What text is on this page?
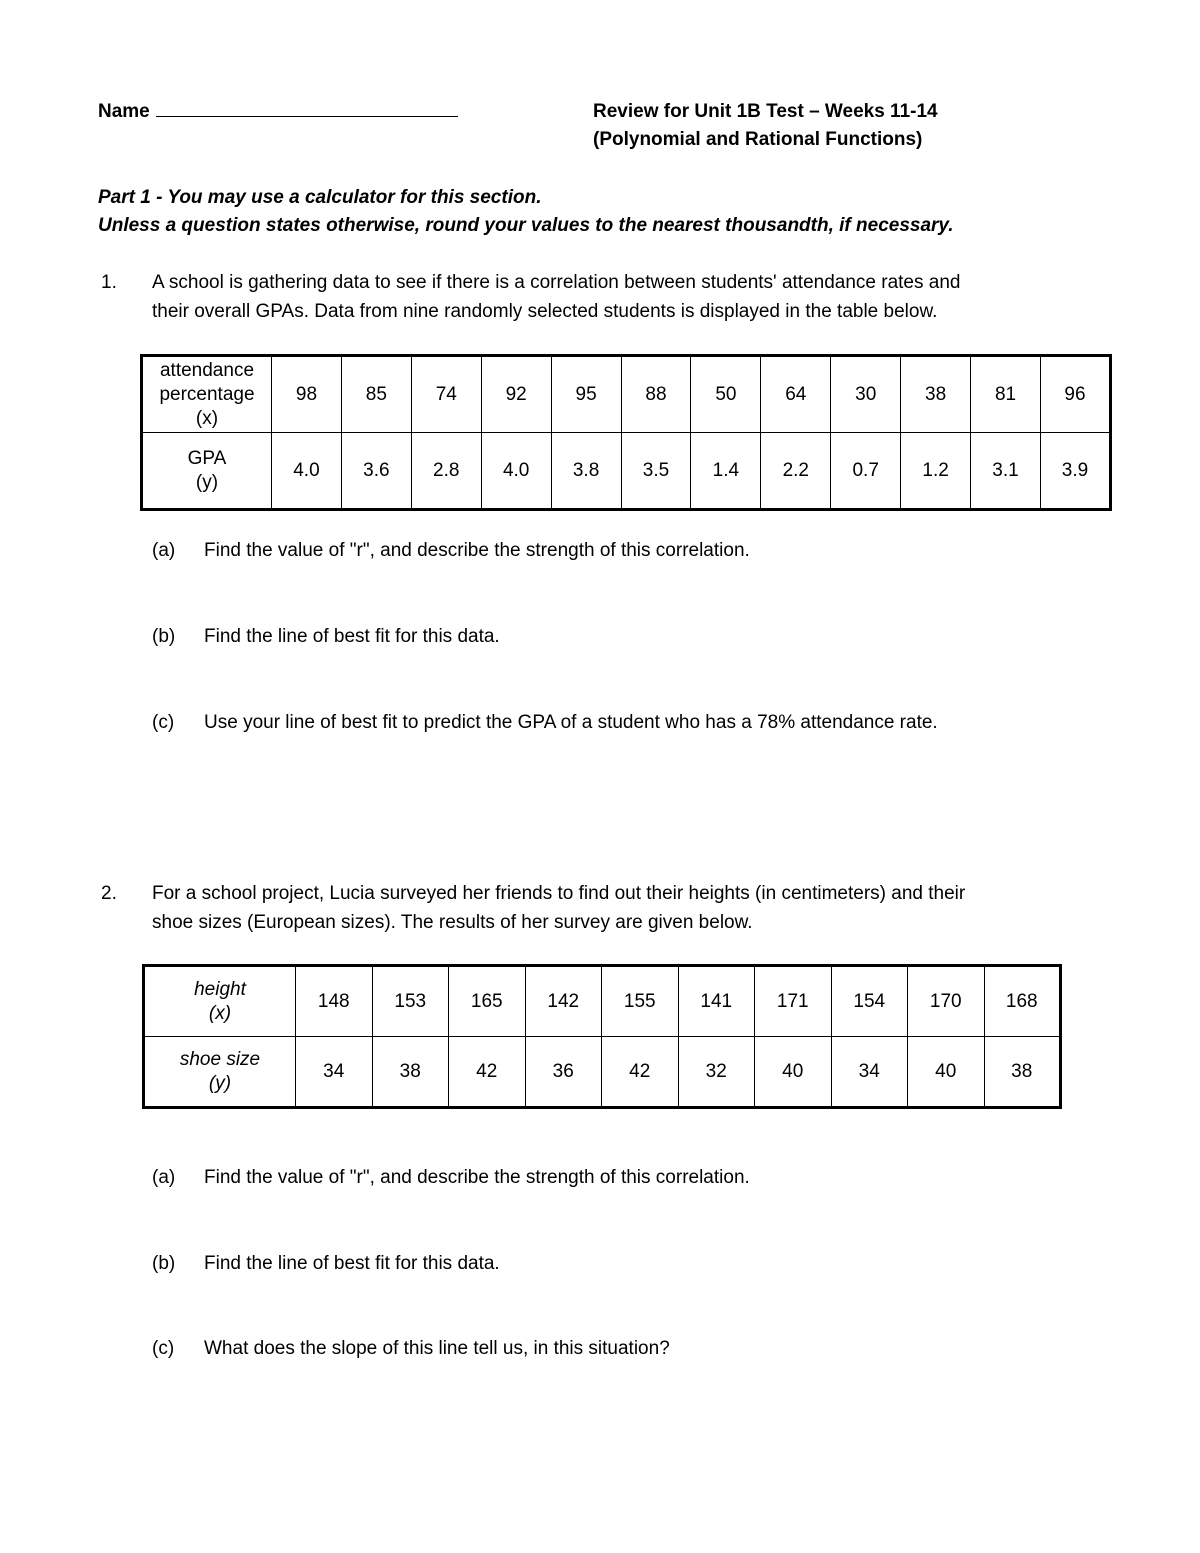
Name	Review for Unit 1B Test – Weeks 11-14
(Polynomial and Rational Functions)
Part 1 - You may use a calculator for this section.
Unless a question states otherwise, round your values to the nearest thousandth, if necessary.
1. A school is gathering data to see if there is a correlation between students' attendance rates and
their overall GPAs. Data from nine randomly selected students is displayed in the table below.
attendance
percentage
(x)	98	85	74	92	95	88	50	64	30	38	81	96

GPA
(y)	4.0	3.6	2.8	4.0	3.8	3.5	1.4	2.2	0.7	1.2	3.1	3.9
(a) Find the value of "r", and describe the strength of this correlation.
(b) Find the line of best fit for this data.
(c) Use your line of best fit to predict the GPA of a student who has a 78% attendance rate.
2. For a school project, Lucia surveyed her friends to find out their heights (in centimeters) and their
shoe sizes (European sizes). The results of her survey are given below.
height
(x)	148	153	165	142	155	141	171	154	170	168

shoe size
(y)	34	38	42	36	42	32	40	34	40	38
(a) Find the value of "r", and describe the strength of this correlation.
(b) Find the line of best fit for this data.
(c) What does the slope of this line tell us, in this situation?
